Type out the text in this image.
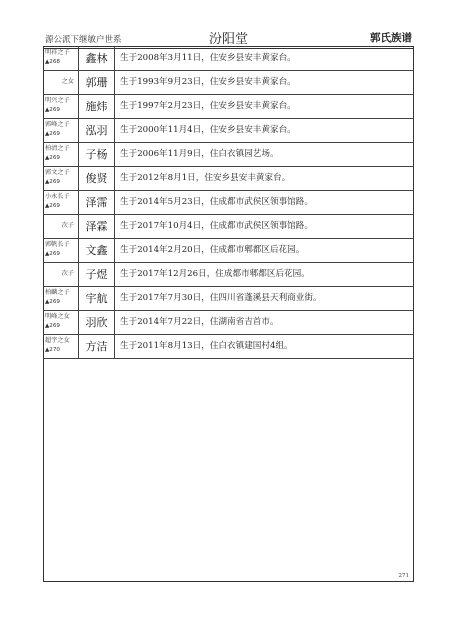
源公派下继敏户世系	汾阳堂	郭氏族谱
明祥之子
▲268	鑫林	生于2008年3月11日，住安乡县安丰黄家台。
之女	郭珊	生于1993年9月23日，住安乡县安丰黄家台。
明兴之子
▲269	施炜	生于1997年2月23日，住安乡县安丰黄家台。
郭峰之子
▲269	泓羽	生于2000年11月4日，住安乡县安丰黄家台。
柏清之子
▲269	子杨	生于2006年11月9日，住白衣镇园艺场。
郭文之子
▲269	俊贤	生于2012年8月1日，住安乡县安丰黄家台。
小永长子
▲269	泽霈	生于2014年5月23日，住成都市武侯区领事馆路。
次子	泽霖	生于2017年10月4日，住成都市武侯区领事馆路。
郭帆长子
▲269	文鑫	生于2014年2月20日，住成都市郫都区后花园。
次子	子煜	生于2017年12月26日，住成都市郫都区后花园。
柏麟之子
▲269	宇航	生于2017年7月30日，住四川省蓬溪县天利商业街。
明峰之女
▲269	羽欣	生于2014年7月22日，住湖南省吉首市。
超宇之女
▲270	方洁	生于2011年8月13日，住白衣镇建国村4组。
271
